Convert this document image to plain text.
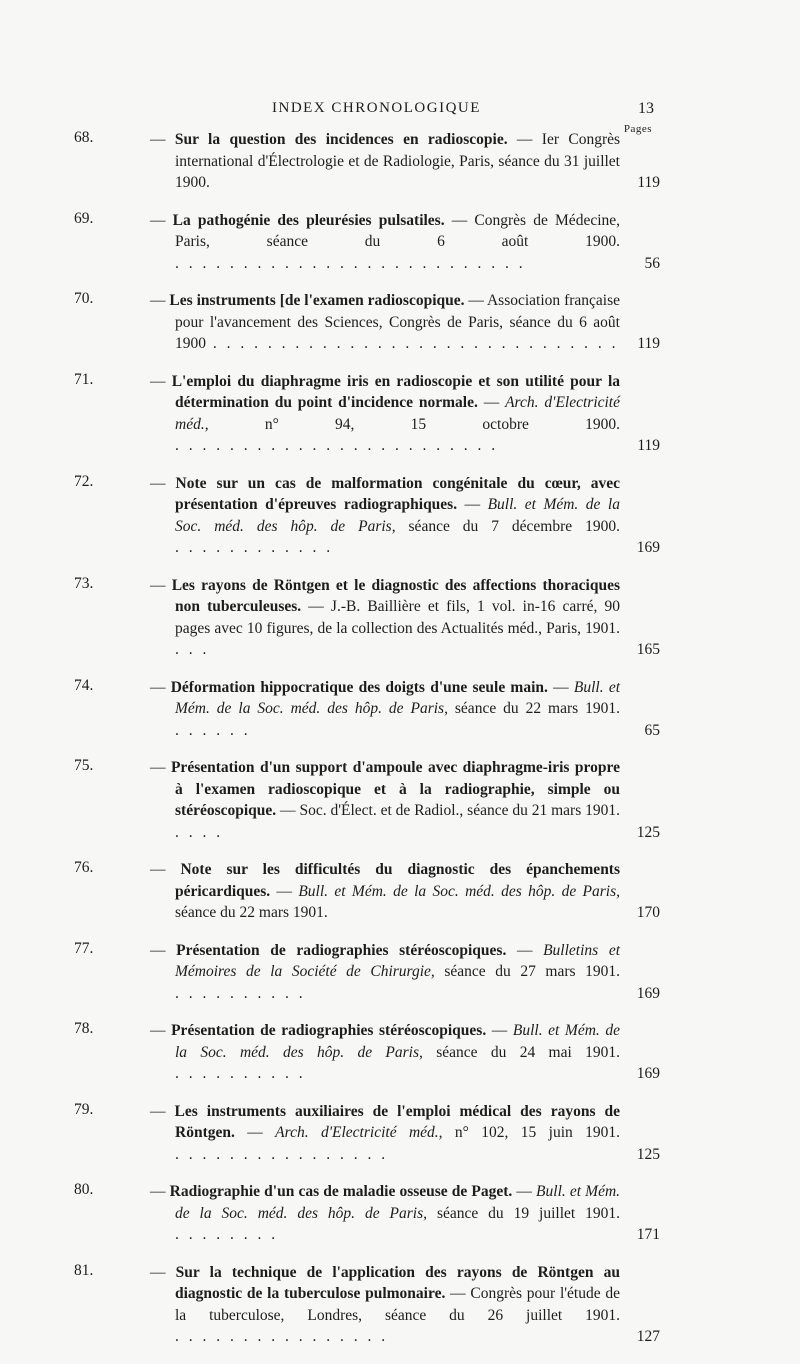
INDEX CHRONOLOGIQUE	13
Pages
68.	— Sur la question des incidences en radioscopie. — Ier Congrès international d'Électrologie et de Radiologie, Paris, séance du 31 juillet 1900.	119
69.	— La pathogénie des pleurésies pulsatiles. — Congrès de Médecine, Paris, séance du 6 août 1900. . . . . . . . . . . . . . . . . . . . . . . . . . .	56
70.	— Les instruments [de l'examen radioscopique. — Association française pour l'avancement des Sciences, Congrès de Paris, séance du 6 août 1900 . . . . . . . . . . . . . . . . . . . . . . . . . . . . . . 119
71.	— L'emploi du diaphragme iris en radioscopie et son utilité pour la détermination du point d'incidence normale. — Arch. d'Electricité méd., n° 94, 15 octobre 1900. . . . . . . . . . . . . . . . . . . . . . . . .	119
72.	— Note sur un cas de malformation congénitale du cœur, avec présentation d'épreuves radiographiques. — Bull. et Mém. de la Soc. méd. des hôp. de Paris, séance du 7 décembre 1900. . . . . . . . . . . . .	169
73.	— Les rayons de Röntgen et le diagnostic des affections thoraciques non tuberculeuses. — J.-B. Baillière et fils, 1 vol. in-16 carré, 90 pages avec 10 figures, de la collection des Actualités méd., Paris, 1901. . . .	165
74.	— Déformation hippocratique des doigts d'une seule main. — Bull. et Mém. de la Soc. méd. des hôp. de Paris, séance du 22 mars 1901. . . . . . .	65
75.	— Présentation d'un support d'ampoule avec diaphragme-iris propre à l'examen radioscopique et à la radiographie, simple ou stéréoscopique. — Soc. d'Élect. et de Radiol., séance du 21 mars 1901. . . . .	125
76.	— Note sur les difficultés du diagnostic des épanchements péricardiques. — Bull. et Mém. de la Soc. méd. des hôp. de Paris, séance du 22 mars 1901.	170
77.	— Présentation de radiographies stéréoscopiques. — Bulletins et Mémoires de la Société de Chirurgie, séance du 27 mars 1901. . . . . . . . . . .	169
78.	— Présentation de radiographies stéréoscopiques. — Bull. et Mém. de la Soc. méd. des hôp. de Paris, séance du 24 mai 1901. . . . . . . . . . .	169
79.	— Les instruments auxiliaires de l'emploi médical des rayons de Röntgen. — Arch. d'Electricité méd., n° 102, 15 juin 1901. . . . . . . . . . . . . . . . .	125
80.	— Radiographie d'un cas de maladie osseuse de Paget. — Bull. et Mém. de la Soc. méd. des hôp. de Paris, séance du 19 juillet 1901. . . . . . . . .	171
81.	— Sur la technique de l'application des rayons de Röntgen au diagnostic de la tuberculose pulmonaire. — Congrès pour l'étude de la tuberculose, Londres, séance du 26 juillet 1901. . . . . . . . . . . . . . . . .	127
